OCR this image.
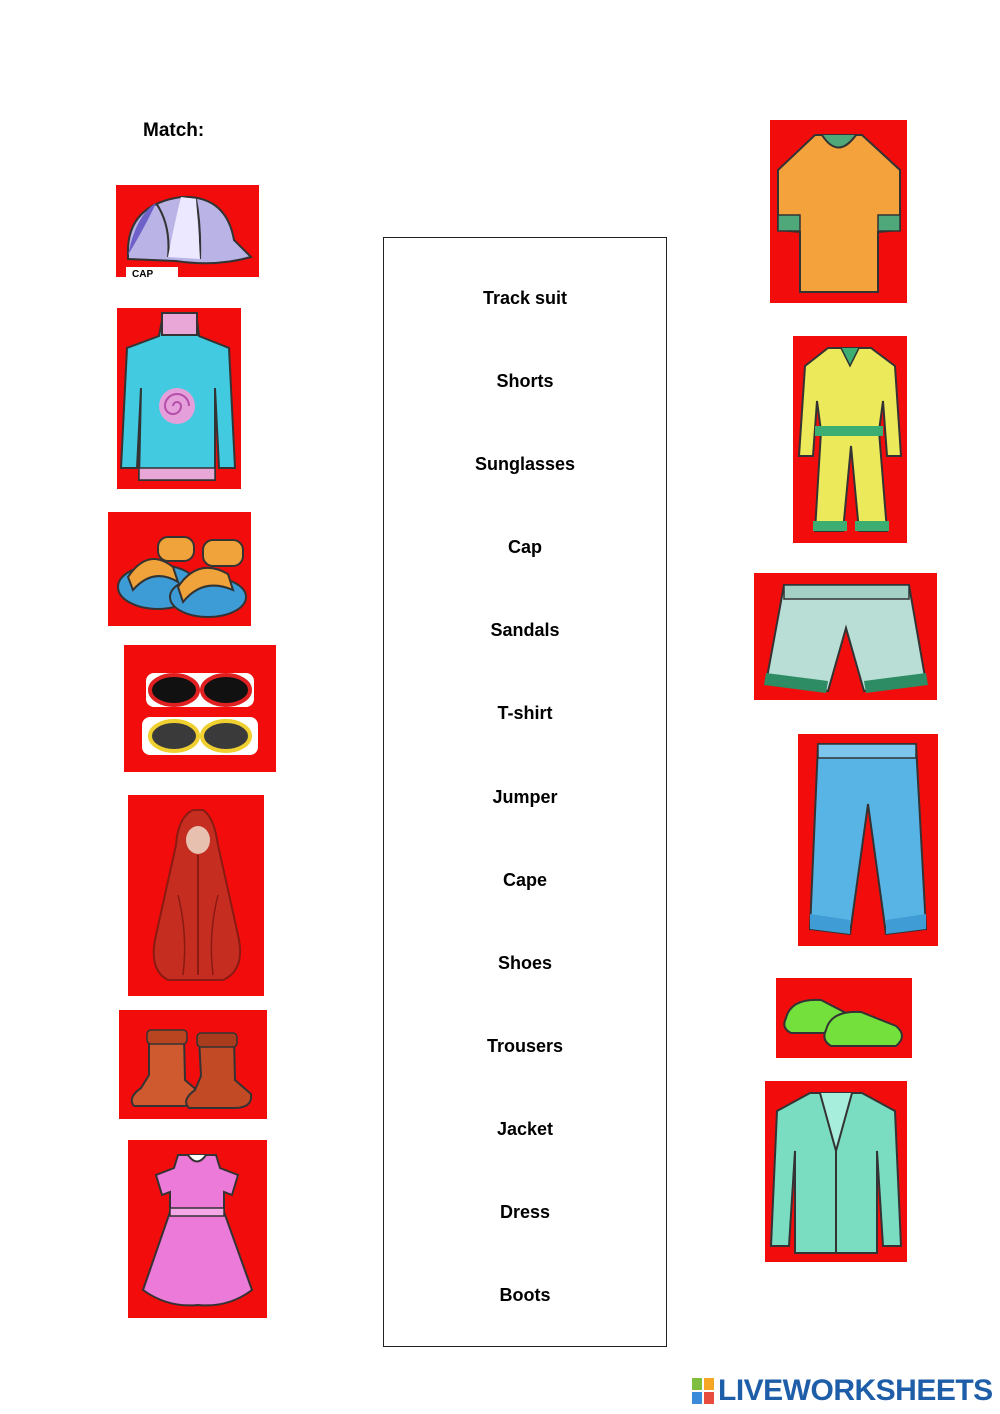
Match:
CAP
Track suit
Shorts
Sunglasses
Cap
Sandals
T-shirt
Jumper
Cape
Shoes
Trousers
Jacket
Dress
Boots
LIVEWORKSHEETS
